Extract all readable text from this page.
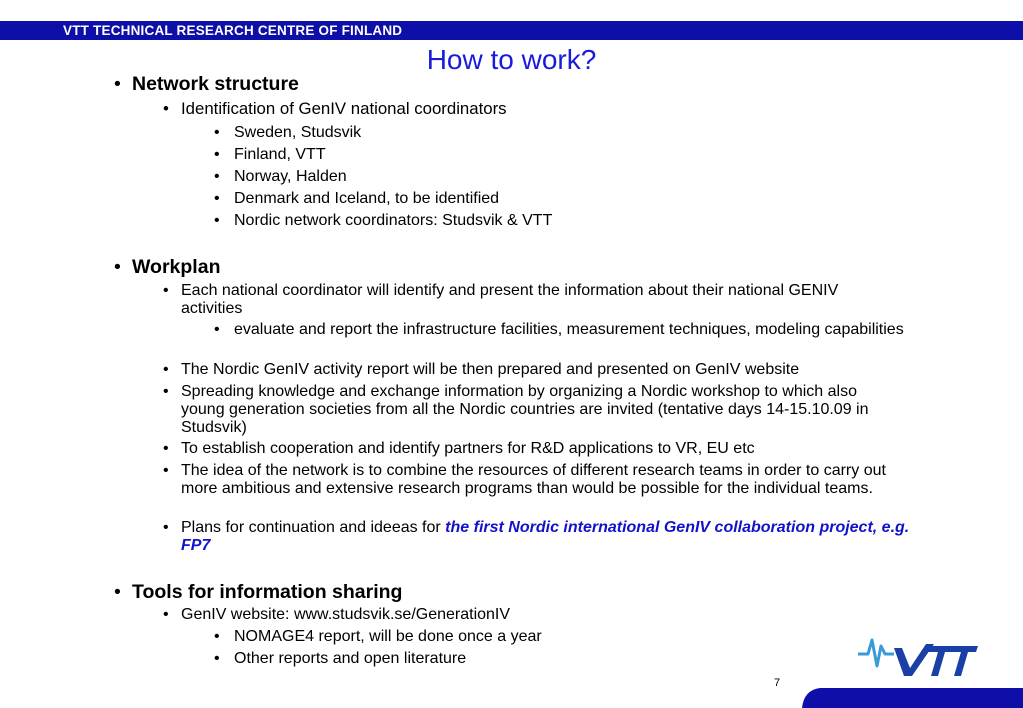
VTT TECHNICAL RESEARCH CENTRE OF FINLAND
How to work?
• Network structure
• Identification of GenIV national coordinators
• Sweden, Studsvik
• Finland, VTT
• Norway, Halden
• Denmark and Iceland, to be identified
• Nordic network coordinators: Studsvik & VTT
• Workplan
• Each national coordinator will identify and present the information about their national GENIV activities
• evaluate and report the infrastructure facilities, measurement techniques, modeling capabilities
• The Nordic GenIV activity report will be then prepared and presented on GenIV website
• Spreading knowledge and exchange information by organizing a Nordic workshop to which also young generation societies from all the Nordic countries are invited (tentative days 14-15.10.09 in Studsvik)
• To establish cooperation and identify partners for R&D applications to VR, EU etc
• The idea of the network is to combine the resources of different research teams in order to carry out more ambitious and extensive research programs than would be possible for the individual teams.
• Plans for continuation and ideeas for the first Nordic international GenIV collaboration project, e.g. FP7
• Tools for information sharing
• GenIV website: www.studsvik.se/GenerationIV
• NOMAGE4 report, will be done once a year
• Other reports and open literature
7
